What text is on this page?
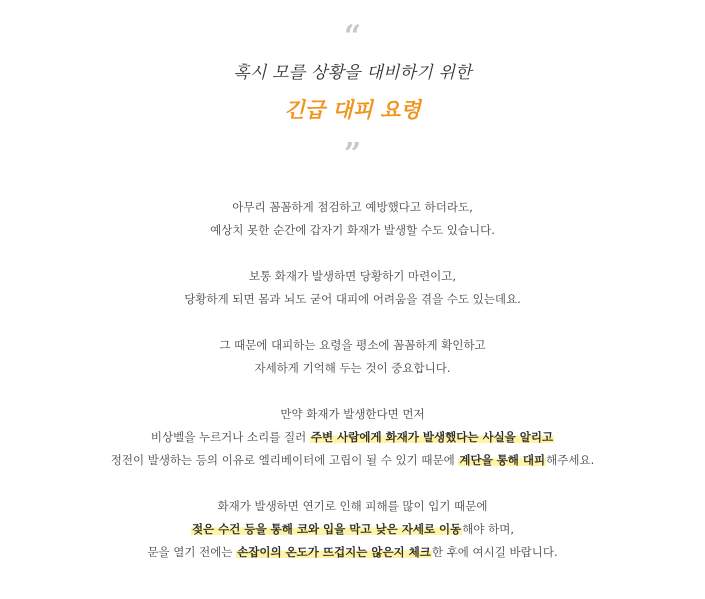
“
혹시 모를 상황을 대비하기 위한
긴급 대피 요령
”
아무리 꼼꼼하게 점검하고 예방했다고 하더라도,
예상치 못한 순간에 갑자기 화재가 발생할 수도 있습니다.
보통 화재가 발생하면 당황하기 마련이고,
당황하게 되면 몸과 뇌도 굳어 대피에 어려움을 겪을 수도 있는데요.
그 때문에 대피하는 요령을 평소에 꼼꼼하게 확인하고
자세하게 기억해 두는 것이 중요합니다.
만약 화재가 발생한다면 먼저
비상벨을 누르거나 소리를 질러 주변 사람에게 화재가 발생했다는 사실을 알리고
정전이 발생하는 등의 이유로 엘리베이터에 고립이 될 수 있기 때문에 계단을 통해 대피해주세요.
화재가 발생하면 연기로 인해 피해를 많이 입기 때문에
젖은 수건 등을 통해 코와 입을 막고 낮은 자세로 이동해야 하며,
문을 열기 전에는 손잡이의 온도가 뜨겁지는 않은지 체크한 후에 여시길 바랍니다.
